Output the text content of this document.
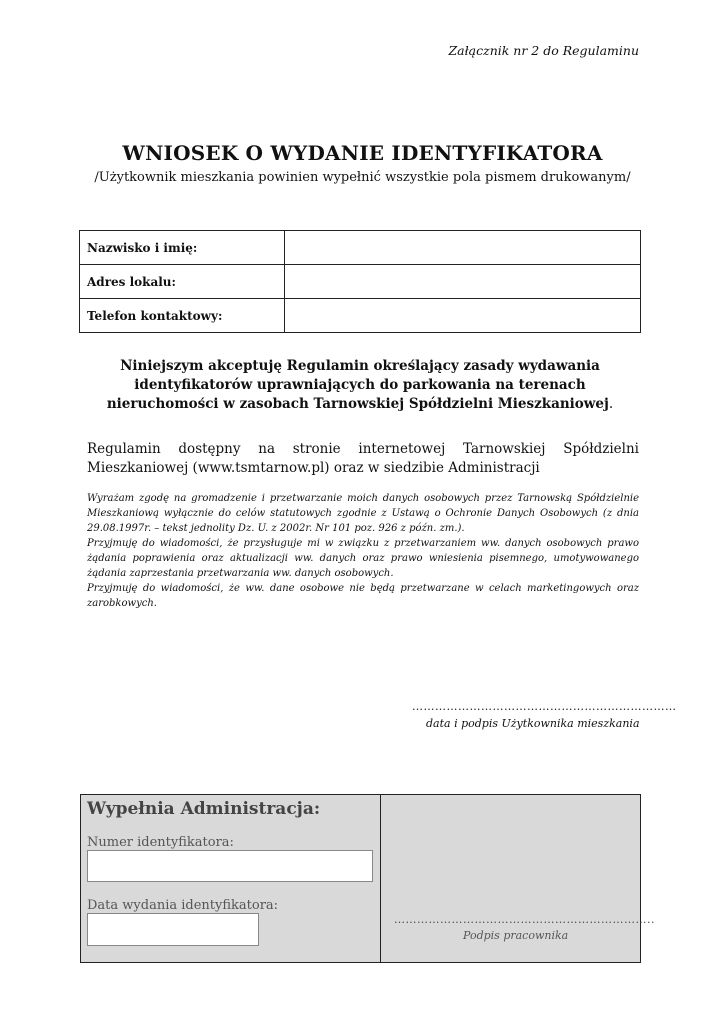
Załącznik nr 2 do Regulaminu
WNIOSEK O WYDANIE IDENTYFIKATORA
/Użytkownik mieszkania powinien wypełnić wszystkie pola pismem drukowanym/
Nazwisko i imię:	
Adres lokalu:	
Telefon kontaktowy:	
Niniejszym akceptuję Regulamin określający zasady wydawania identyfikatorów uprawniających do parkowania na terenach nieruchomości w zasobach Tarnowskiej Spółdzielni Mieszkaniowej.
Regulamin dostępny na stronie internetowej Tarnowskiej Spółdzielni Mieszkaniowej (www.tsmtarnow.pl) oraz w siedzibie Administracji

Wyrażam zgodę na gromadzenie i przetwarzanie moich danych osobowych przez Tarnowską Spółdzielnie Mieszkaniową wyłącznie do celów statutowych zgodnie z Ustawą o Ochronie Danych Osobowych (z dnia 29.08.1997r. – tekst jednolity Dz. U. z 2002r. Nr 101 poz. 926 z późn. zm.).

Przyjmuję do wiadomości, że przysługuje mi w związku z przetwarzaniem ww. danych osobowych prawo żądania poprawienia oraz aktualizacji ww. danych oraz prawo wniesienia pisemnego, umotywowanego żądania zaprzestania przetwarzania ww. danych osobowych.

Przyjmuję do wiadomości, że ww. dane osobowe nie będą przetwarzane w celach marketingowych oraz zarobkowych.

……………………………………………………………
data i podpis Użytkownika mieszkania
Wypełnia Administracja:
Numer identyfikatora:
Data wydania identyfikatora:
…………………………………………………………..
Podpis pracownika
